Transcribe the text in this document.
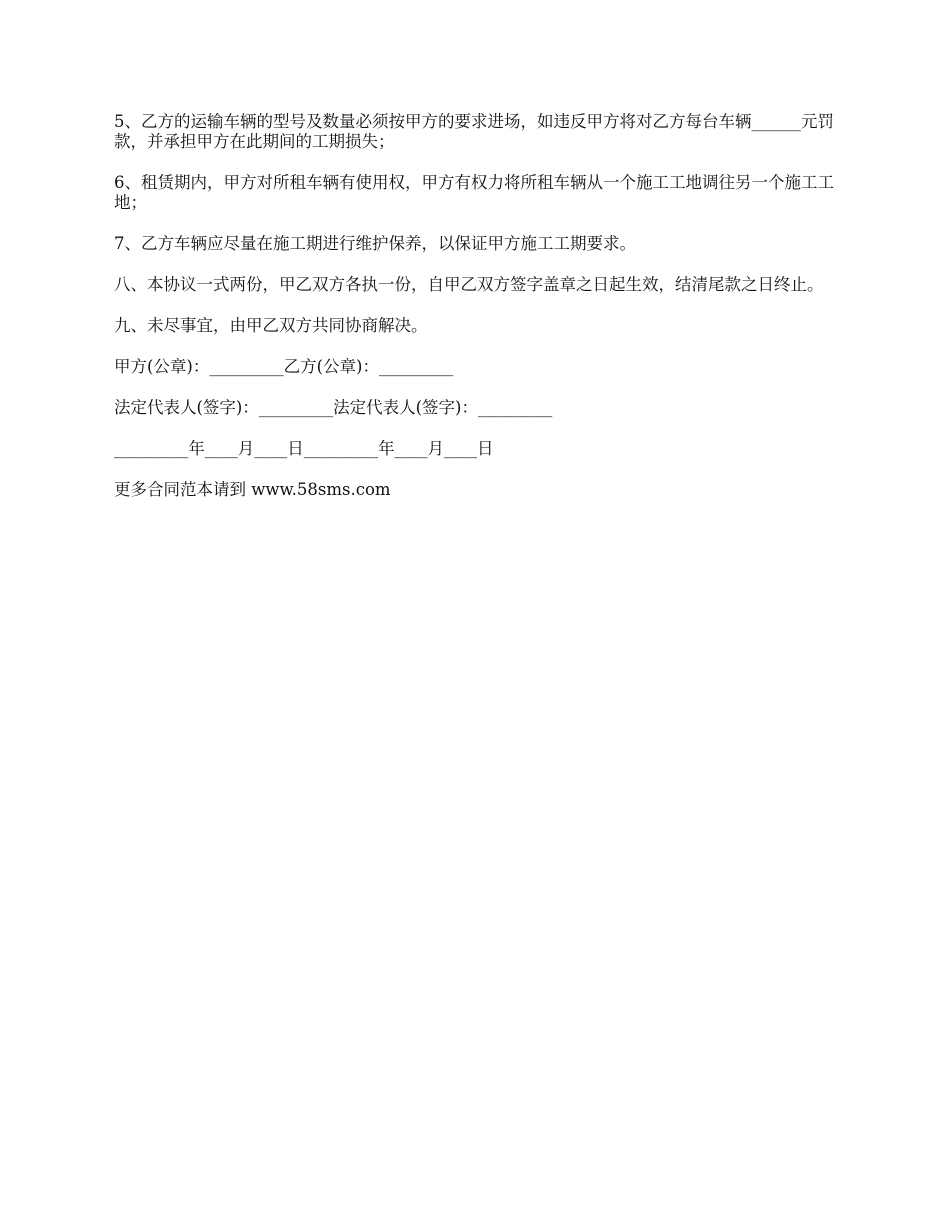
5、乙方的运输车辆的型号及数量必须按甲方的要求进场，如违反甲方将对乙方每台车辆______元罚款，并承担甲方在此期间的工期损失；

6、租赁期内，甲方对所租车辆有使用权，甲方有权力将所租车辆从一个施工工地调往另一个施工工地；

7、乙方车辆应尽量在施工期进行维护保养，以保证甲方施工工期要求。

八、本协议一式两份，甲乙双方各执一份，自甲乙双方签字盖章之日起生效，结清尾款之日终止。

九、未尽事宜，由甲乙双方共同协商解决。

甲方(公章)：_________乙方(公章)：_________

法定代表人(签字)：_________法定代表人(签字)：_________

_________年____月____日_________年____月____日

更多合同范本请到 www.58sms.com
